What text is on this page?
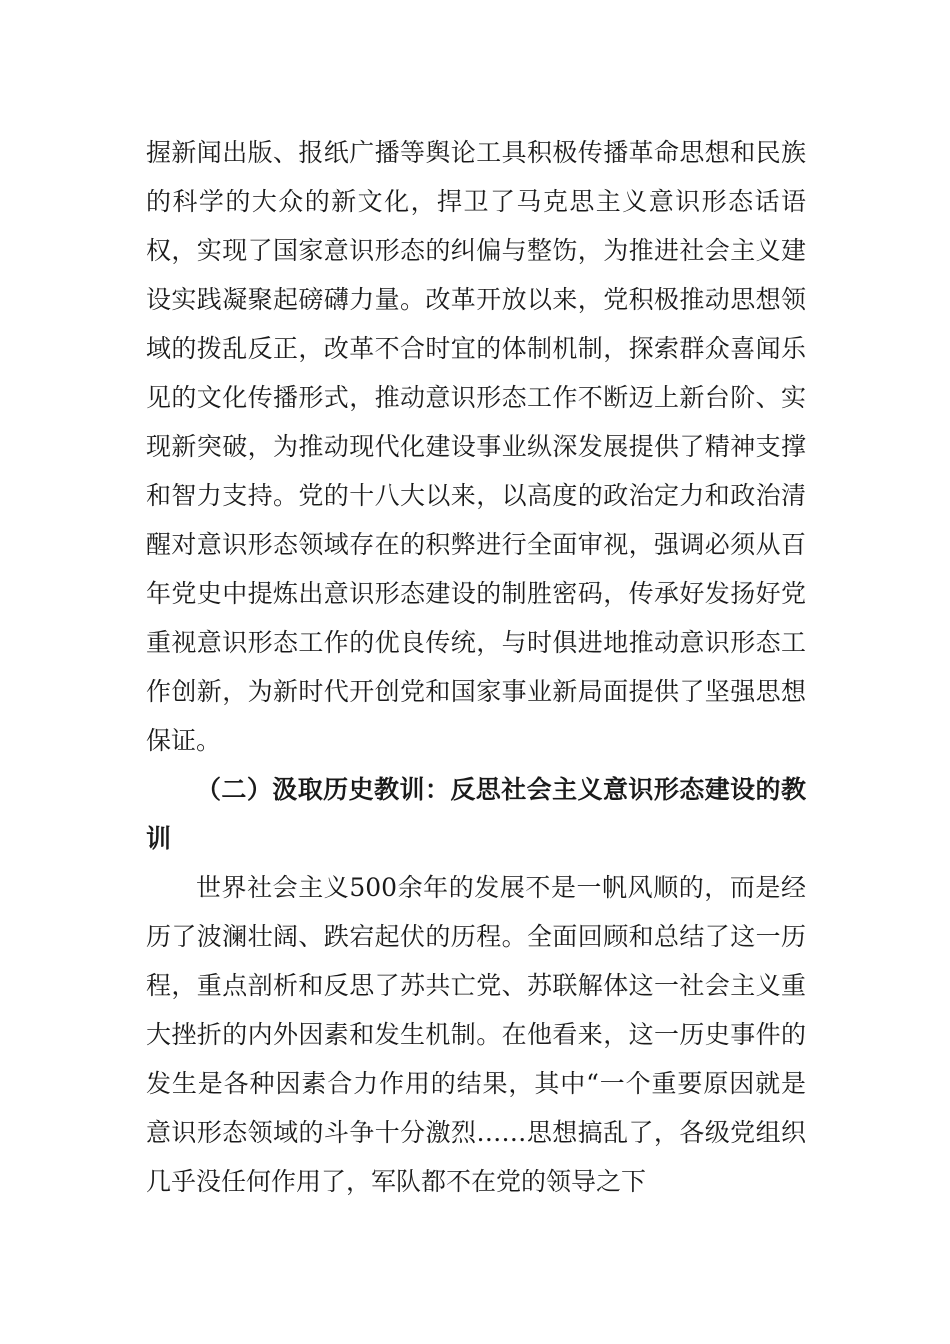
握新闻出版、报纸广播等舆论工具积极传播革命思想和民族的科学的大众的新文化，捍卫了马克思主义意识形态话语权，实现了国家意识形态的纠偏与整饬，为推进社会主义建设实践凝聚起磅礴力量。改革开放以来，党积极推动思想领域的拨乱反正，改革不合时宜的体制机制，探索群众喜闻乐见的文化传播形式，推动意识形态工作不断迈上新台阶、实现新突破，为推动现代化建设事业纵深发展提供了精神支撑和智力支持。党的十八大以来，以高度的政治定力和政治清醒对意识形态领域存在的积弊进行全面审视，强调必须从百年党史中提炼出意识形态建设的制胜密码，传承好发扬好党重视意识形态工作的优良传统，与时俱进地推动意识形态工作创新，为新时代开创党和国家事业新局面提供了坚强思想保证。

（二）汲取历史教训：反思社会主义意识形态建设的教训

世界社会主义500余年的发展不是一帆风顺的，而是经历了波澜壮阔、跌宕起伏的历程。全面回顾和总结了这一历程，重点剖析和反思了苏共亡党、苏联解体这一社会主义重大挫折的内外因素和发生机制。在他看来，这一历史事件的发生是各种因素合力作用的结果，其中“一个重要原因就是意识形态领域的斗争十分激烈……思想搞乱了，各级党组织几乎没任何作用了，军队都不在党的领导之下
